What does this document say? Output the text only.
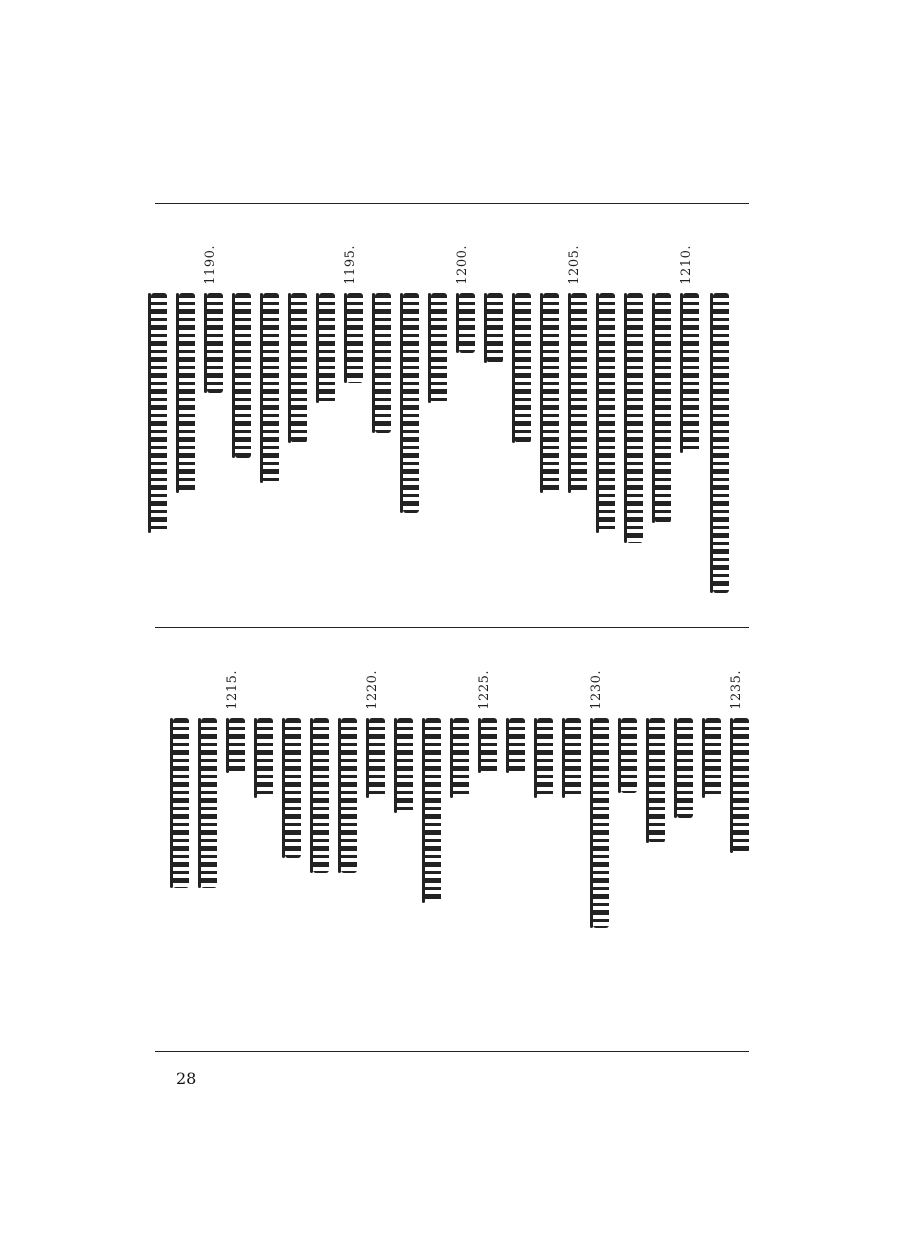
1210.
1205.
1200.
1195.
1190.
1235.
1230.
1225.
1220.
1215.
28
